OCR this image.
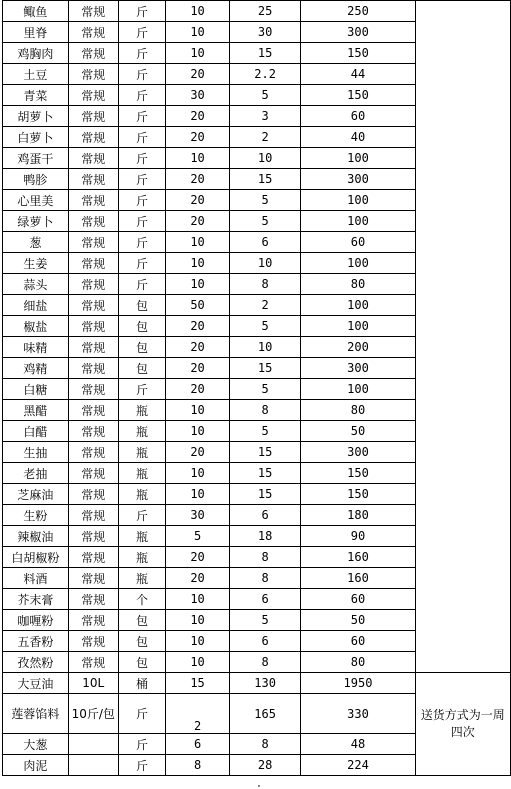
鲰鱼	常规	斤	10	25	250	
里脊	常规	斤	10	30	300	
鸡胸肉	常规	斤	10	15	150	
土豆	常规	斤	20	2.2	44	
青菜	常规	斤	30	5	150	
胡萝卜	常规	斤	20	3	60	
白萝卜	常规	斤	20	2	40	
鸡蛋干	常规	斤	10	10	100	
鸭胗	常规	斤	20	15	300	
心里美	常规	斤	20	5	100	
绿萝卜	常规	斤	20	5	100	
葱	常规	斤	10	6	60	
生姜	常规	斤	10	10	100	
蒜头	常规	斤	10	8	80	
细盐	常规	包	50	2	100	
椒盐	常规	包	20	5	100	
味精	常规	包	20	10	200	
鸡精	常规	包	20	15	300	
白糖	常规	斤	20	5	100	
黑醋	常规	瓶	10	8	80	
白醋	常规	瓶	10	5	50	
生抽	常规	瓶	20	15	300	
老抽	常规	瓶	10	15	150	
芝麻油	常规	瓶	10	15	150	
生粉	常规	斤	30	6	180	
辣椒油	常规	瓶	5	18	90	
白胡椒粉	常规	瓶	20	8	160	
料酒	常规	瓶	20	8	160	
芥末膏	常规	个	10	6	60	
咖喱粉	常规	包	10	5	50	
五香粉	常规	包	10	6	60	
孜然粉	常规	包	10	8	80	
大豆油	10L	桶	15	130	1950	送货方式为一周四次
莲蓉馅料	10斤/包	斤	2	165	330	
大葱		斤	6	8	48	
肉泥		斤	8	28	224	
